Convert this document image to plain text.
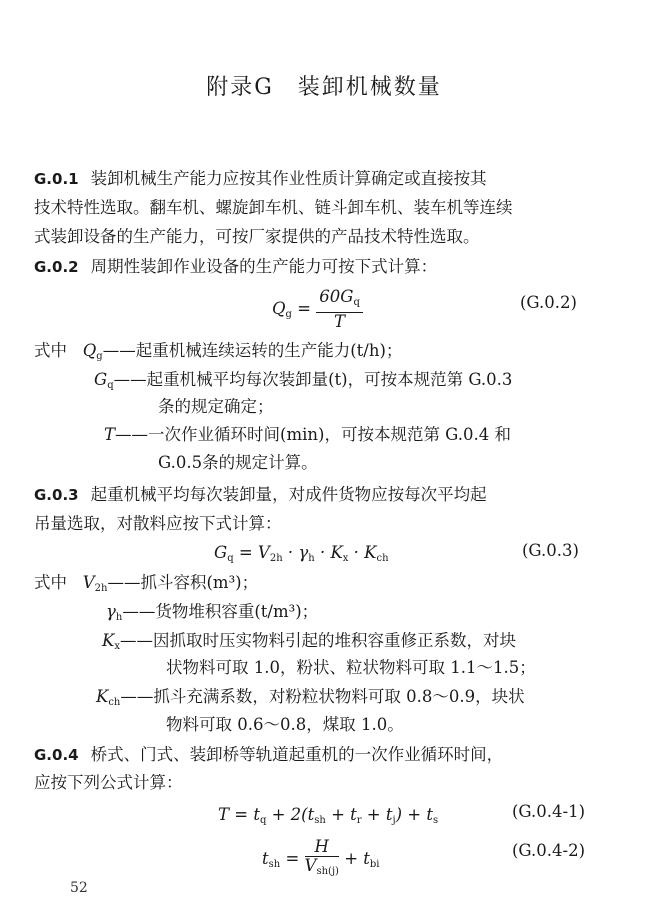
附录G　装卸机械数量
G.0.1 装卸机械生产能力应按其作业性质计算确定或直接按其
技术特性选取。翻车机、螺旋卸车机、链斗卸车机、装车机等连续
式装卸设备的生产能力，可按厂家提供的产品技术特性选取。
G.0.2 周期性装卸作业设备的生产能力可按下式计算：
$Q_g = \frac{60G_q}{T}$	(G.0.2)
式中 $Q_g——$起重机械连续运转的生产能力(t/h)；
$G_q——$起重机械平均每次装卸量(t)，可按本规范第 G.0.3
条的规定确定；
T——一次作业循环时间(min)，可按本规范第 G.0.4 和
G.0.5条的规定计算。
G.0.3 起重机械平均每次装卸量，对成件货物应按每次平均起
吊量选取，对散料应按下式计算：
$G_q = V_{2h} \cdot \gamma_h \cdot K_x \cdot K_{ch}$	(G.0.3)
式中 $V_{2h}——$抓斗容积(m³)；
$\gamma_h——$货物堆积容重(t/m³)；
$K_x——$因抓取时压实物料引起的堆积容重修正系数，对块
状物料可取 1.0，粉状、粒状物料可取 1.1～1.5；
$K_{ch}——$抓斗充满系数，对粉粒状物料可取 0.8～0.9，块状
物料可取 0.6～0.8，煤取 1.0。
G.0.4 桥式、门式、装卸桥等轨道起重机的一次作业循环时间，
应按下列公式计算：
$T = t_q + 2(t_{sh} + t_r + t_j) + t_s$	(G.0.4-1)
$t_{sh} = \frac{H}{V_{sh(j)}} + t_{bi}$
(G.0.4-2)
52
